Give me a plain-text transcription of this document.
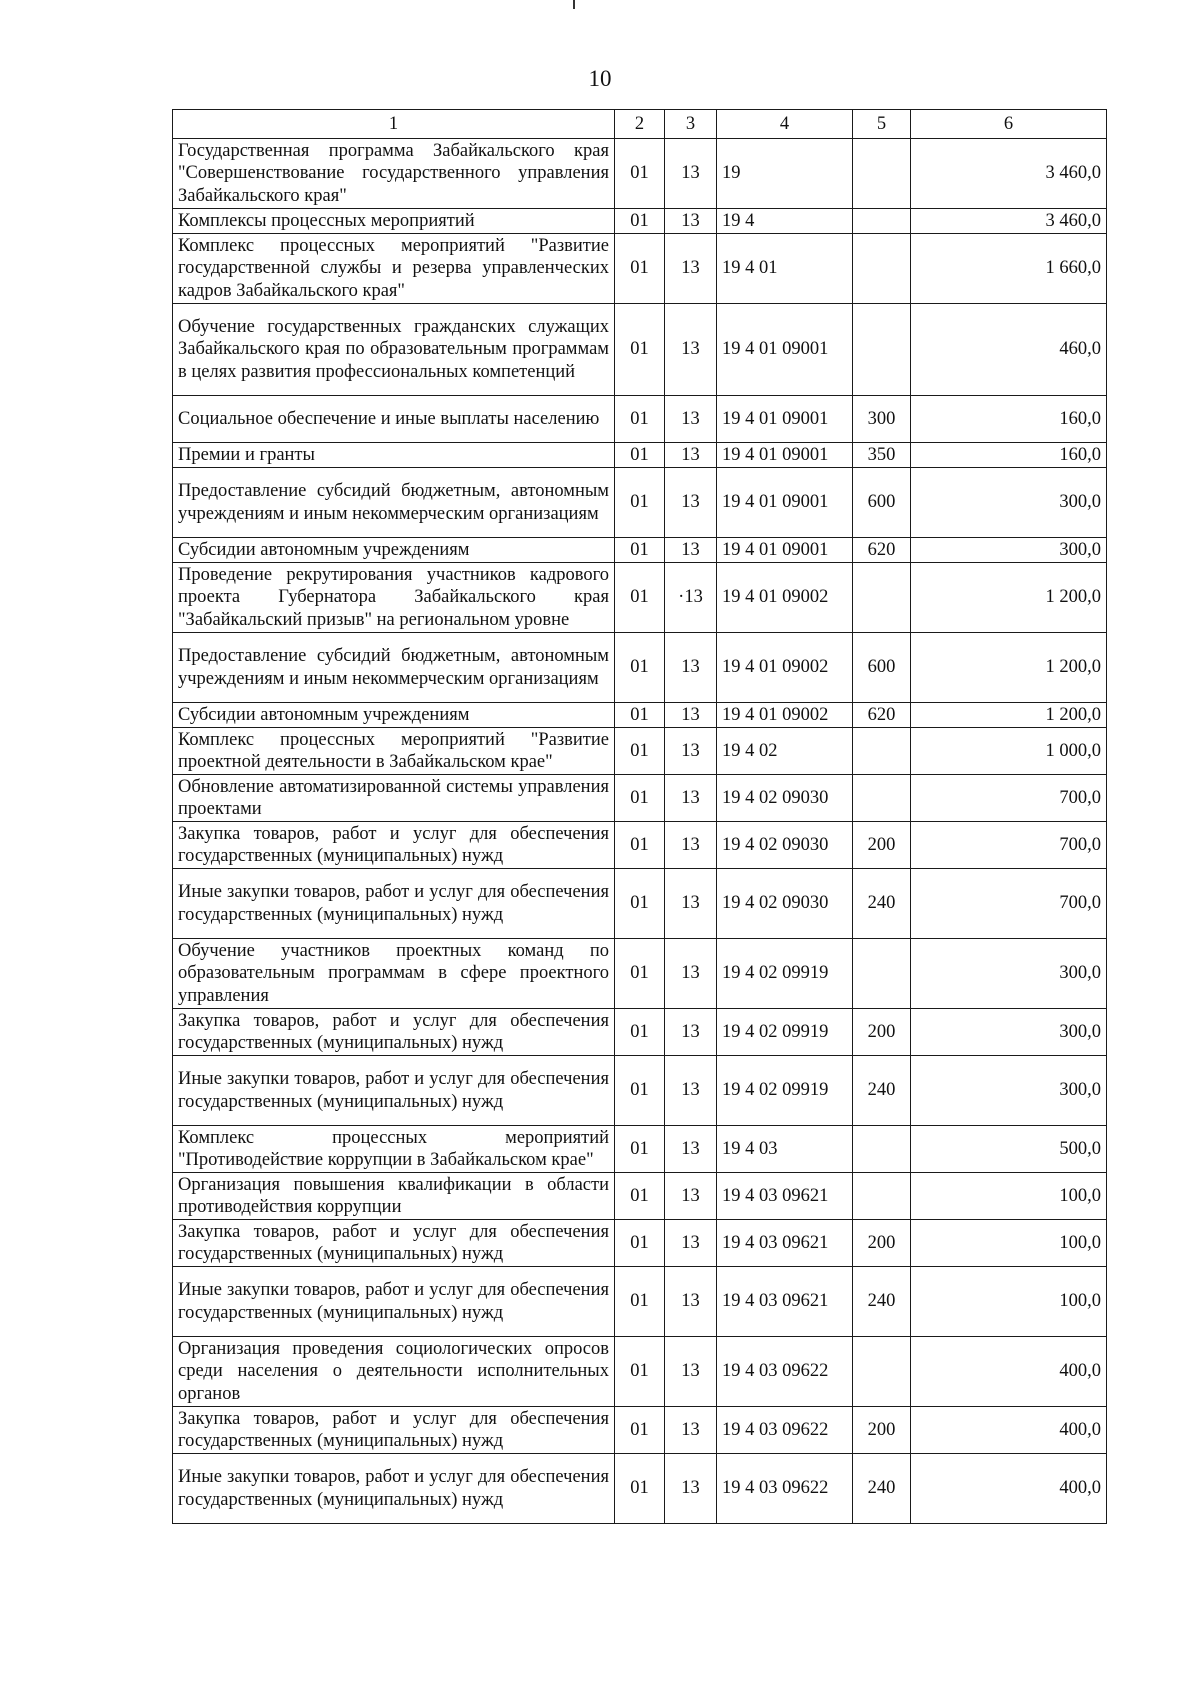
10
1	2	3	4	5	6
Государственная программа Забайкальского края "Совершенствование государственного управления Забайкальского края"	01	13	19		3 460,0
Комплексы процессных мероприятий	01	13	19 4		3 460,0
Комплекс процессных мероприятий "Развитие государственной службы и резерва управленческих кадров Забайкальского края"	01	13	19 4 01		1 660,0
Обучение государственных гражданских служащих Забайкальского края по образовательным программам в целях развития профессиональных компетенций	01	13	19 4 01 09001		460,0
Социальное обеспечение и иные выплаты населению	01	13	19 4 01 09001	300	160,0
Премии и гранты	01	13	19 4 01 09001	350	160,0
Предоставление субсидий бюджетным, автономным учреждениям и иным некоммерческим организациям	01	13	19 4 01 09001	600	300,0
Субсидии автономным учреждениям	01	13	19 4 01 09001	620	300,0
Проведение рекрутирования участников кадрового проекта Губернатора Забайкальского края "Забайкальский призыв" на региональном уровне	01	·13	19 4 01 09002		1 200,0
Предоставление субсидий бюджетным, автономным учреждениям и иным некоммерческим организациям	01	13	19 4 01 09002	600	1 200,0
Субсидии автономным учреждениям	01	13	19 4 01 09002	620	1 200,0
Комплекс процессных мероприятий "Развитие проектной деятельности в Забайкальском крае"	01	13	19 4 02		1 000,0
Обновление автоматизированной системы управления проектами	01	13	19 4 02 09030		700,0
Закупка товаров, работ и услуг для обеспечения государственных (муниципальных) нужд	01	13	19 4 02 09030	200	700,0
Иные закупки товаров, работ и услуг для обеспечения государственных (муниципальных) нужд	01	13	19 4 02 09030	240	700,0
Обучение участников проектных команд по образовательным программам в сфере проектного управления	01	13	19 4 02 09919		300,0
Закупка товаров, работ и услуг для обеспечения государственных (муниципальных) нужд	01	13	19 4 02 09919	200	300,0
Иные закупки товаров, работ и услуг для обеспечения государственных (муниципальных) нужд	01	13	19 4 02 09919	240	300,0
Комплекс процессных мероприятий "Противодействие коррупции в Забайкальском крае"	01	13	19 4 03		500,0
Организация повышения квалификации в области противодействия коррупции	01	13	19 4 03 09621		100,0
Закупка товаров, работ и услуг для обеспечения государственных (муниципальных) нужд	01	13	19 4 03 09621	200	100,0
Иные закупки товаров, работ и услуг для обеспечения государственных (муниципальных) нужд	01	13	19 4 03 09621	240	100,0
Организация проведения социологических опросов среди населения о деятельности исполнительных органов	01	13	19 4 03 09622		400,0
Закупка товаров, работ и услуг для обеспечения государственных (муниципальных) нужд	01	13	19 4 03 09622	200	400,0
Иные закупки товаров, работ и услуг для обеспечения государственных (муниципальных) нужд	01	13	19 4 03 09622	240	400,0
